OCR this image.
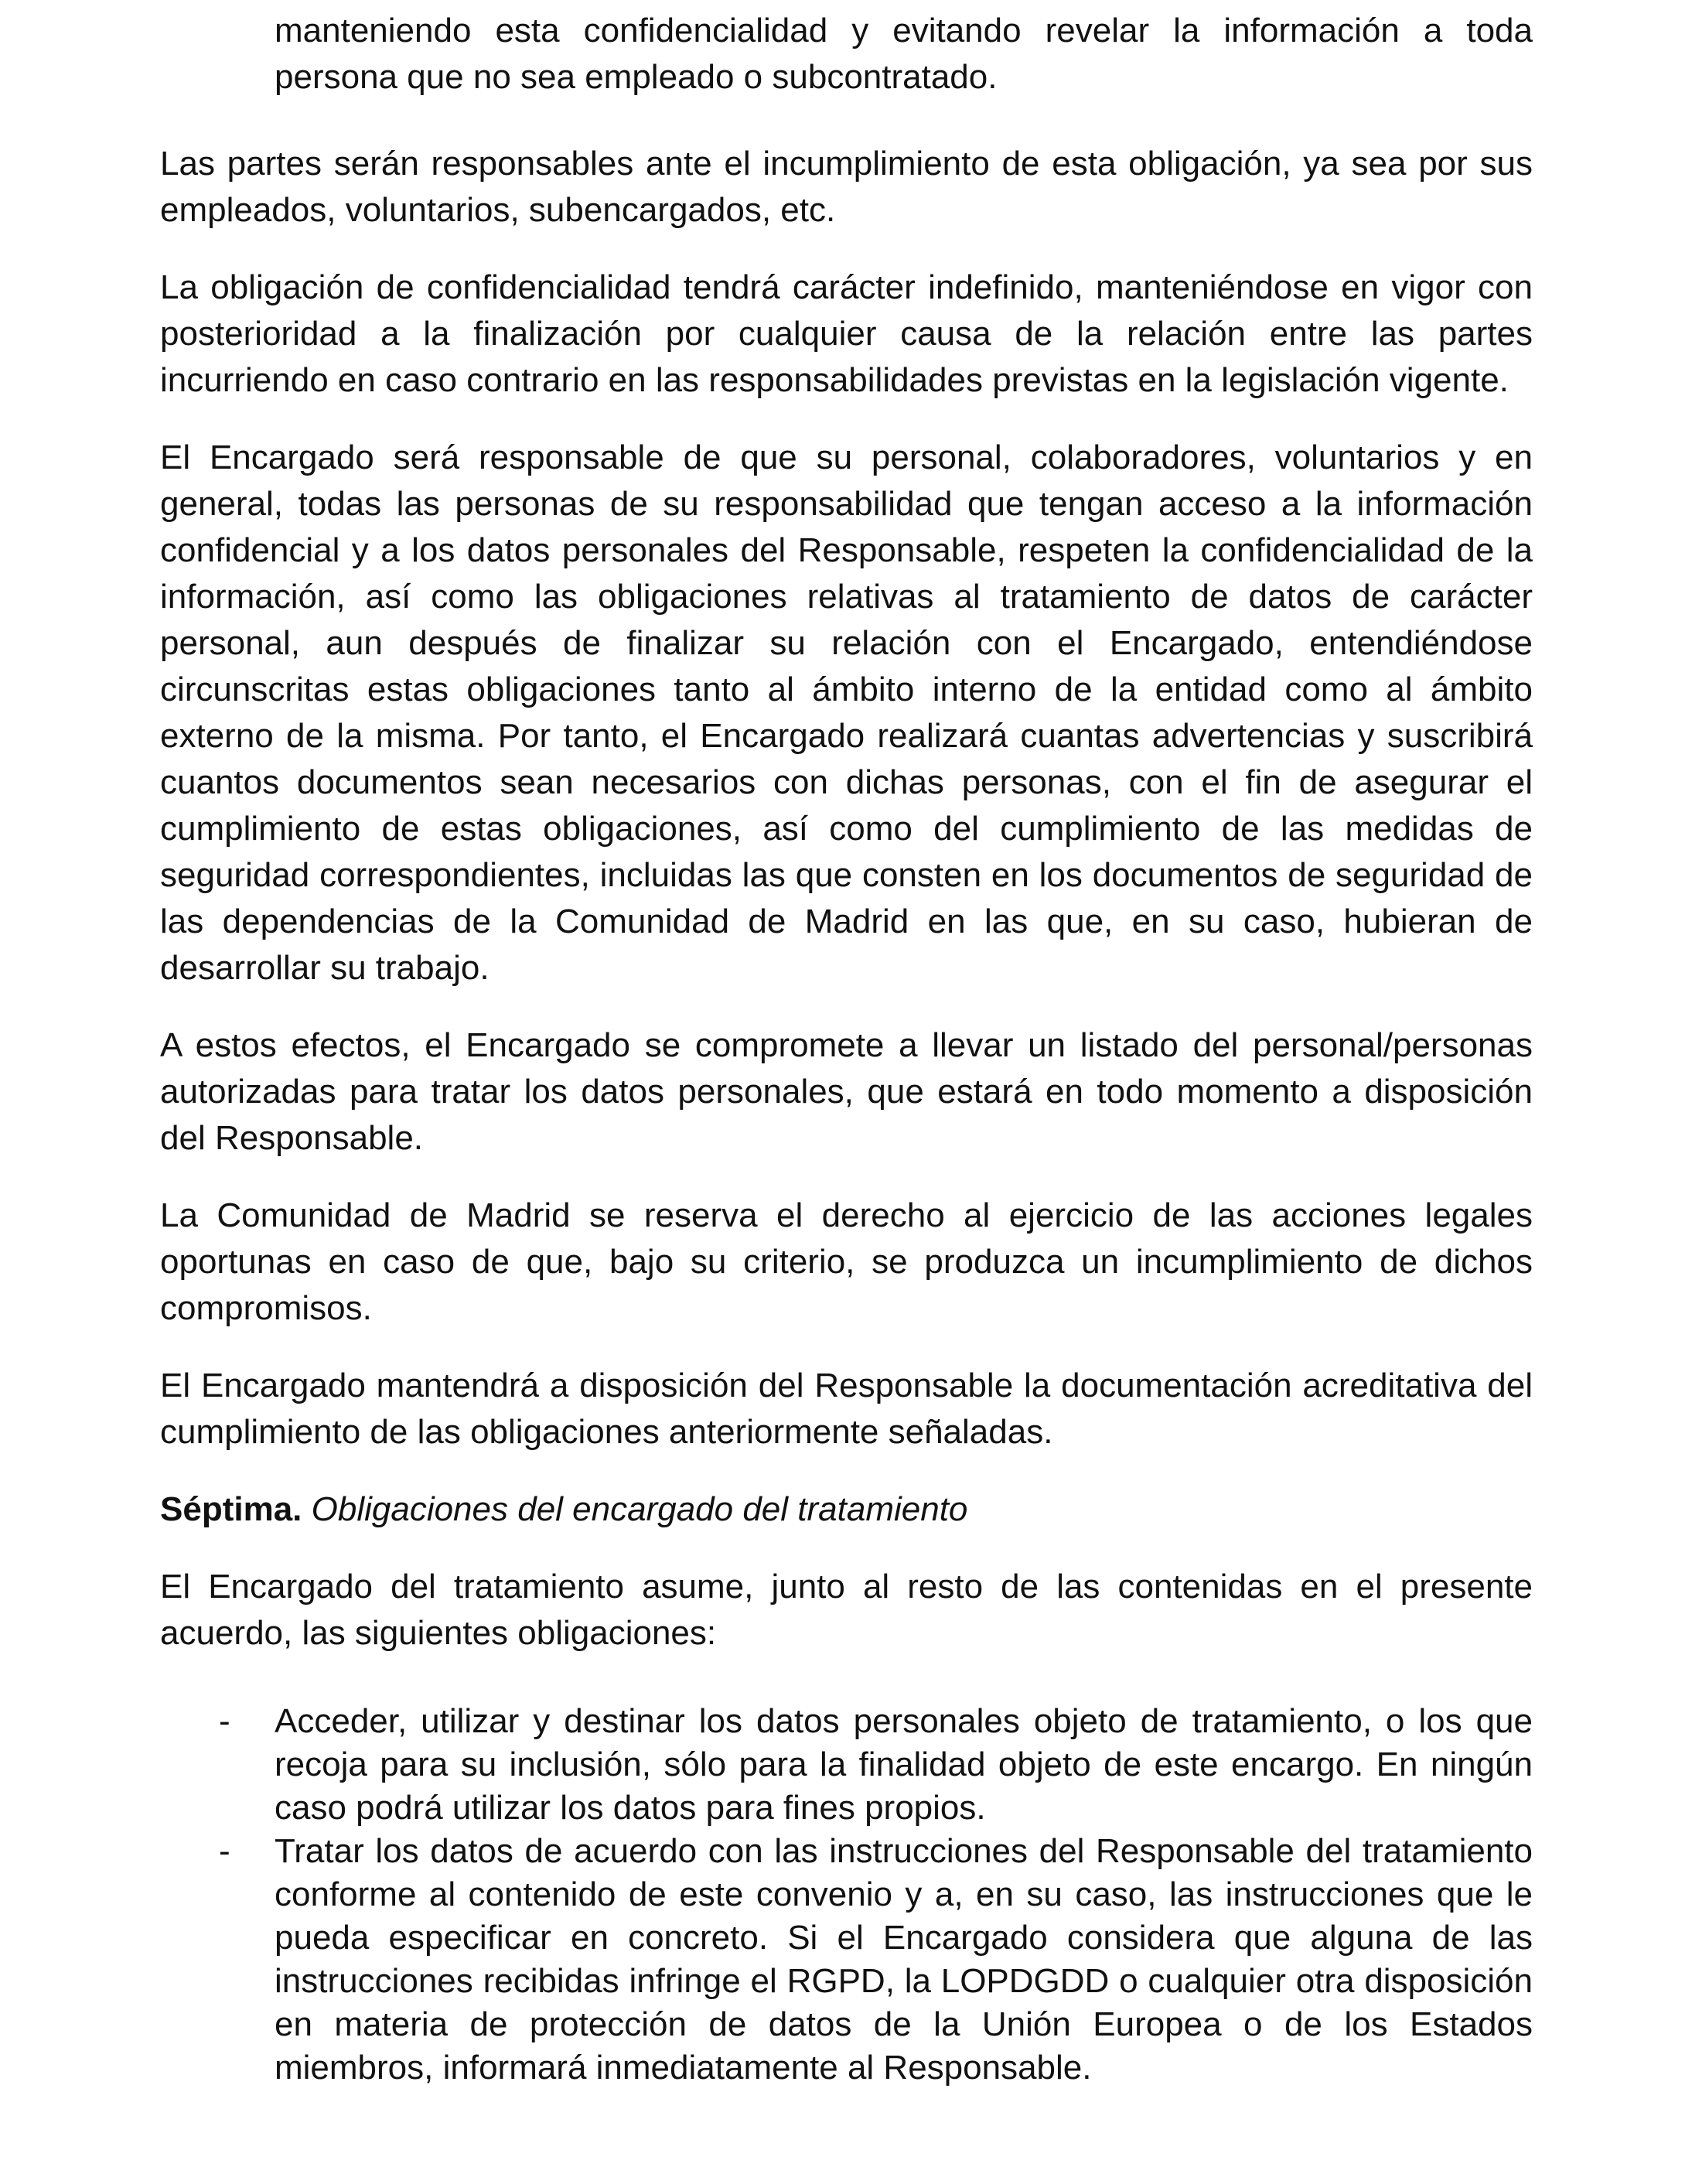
manteniendo esta confidencialidad y evitando revelar la información a toda persona que no sea empleado o subcontratado.

Las partes serán responsables ante el incumplimiento de esta obligación, ya sea por sus empleados, voluntarios, subencargados, etc.

La obligación de confidencialidad tendrá carácter indefinido, manteniéndose en vigor con posterioridad a la finalización por cualquier causa de la relación entre las partes incurriendo en caso contrario en las responsabilidades previstas en la legislación vigente.

El Encargado será responsable de que su personal, colaboradores, voluntarios y en general, todas las personas de su responsabilidad que tengan acceso a la información confidencial y a los datos personales del Responsable, respeten la confidencialidad de la información, así como las obligaciones relativas al tratamiento de datos de carácter personal, aun después de finalizar su relación con el Encargado, entendiéndose circunscritas estas obligaciones tanto al ámbito interno de la entidad como al ámbito externo de la misma. Por tanto, el Encargado realizará cuantas advertencias y suscribirá cuantos documentos sean necesarios con dichas personas, con el fin de asegurar el cumplimiento de estas obligaciones, así como del cumplimiento de las medidas de seguridad correspondientes, incluidas las que consten en los documentos de seguridad de las dependencias de la Comunidad de Madrid en las que, en su caso, hubieran de desarrollar su trabajo.

A estos efectos, el Encargado se compromete a llevar un listado del personal/personas autorizadas para tratar los datos personales, que estará en todo momento a disposición del Responsable.

La Comunidad de Madrid se reserva el derecho al ejercicio de las acciones legales oportunas en caso de que, bajo su criterio, se produzca un incumplimiento de dichos compromisos.

El Encargado mantendrá a disposición del Responsable la documentación acreditativa del cumplimiento de las obligaciones anteriormente señaladas.

Séptima. Obligaciones del encargado del tratamiento

El Encargado del tratamiento asume, junto al resto de las contenidas en el presente acuerdo, las siguientes obligaciones:

- Acceder, utilizar y destinar los datos personales objeto de tratamiento, o los que recoja para su inclusión, sólo para la finalidad objeto de este encargo. En ningún caso podrá utilizar los datos para fines propios.

- Tratar los datos de acuerdo con las instrucciones del Responsable del tratamiento conforme al contenido de este convenio y a, en su caso, las instrucciones que le pueda especificar en concreto. Si el Encargado considera que alguna de las instrucciones recibidas infringe el RGPD, la LOPDGDD o cualquier otra disposición en materia de protección de datos de la Unión Europea o de los Estados miembros, informará inmediatamente al Responsable.
